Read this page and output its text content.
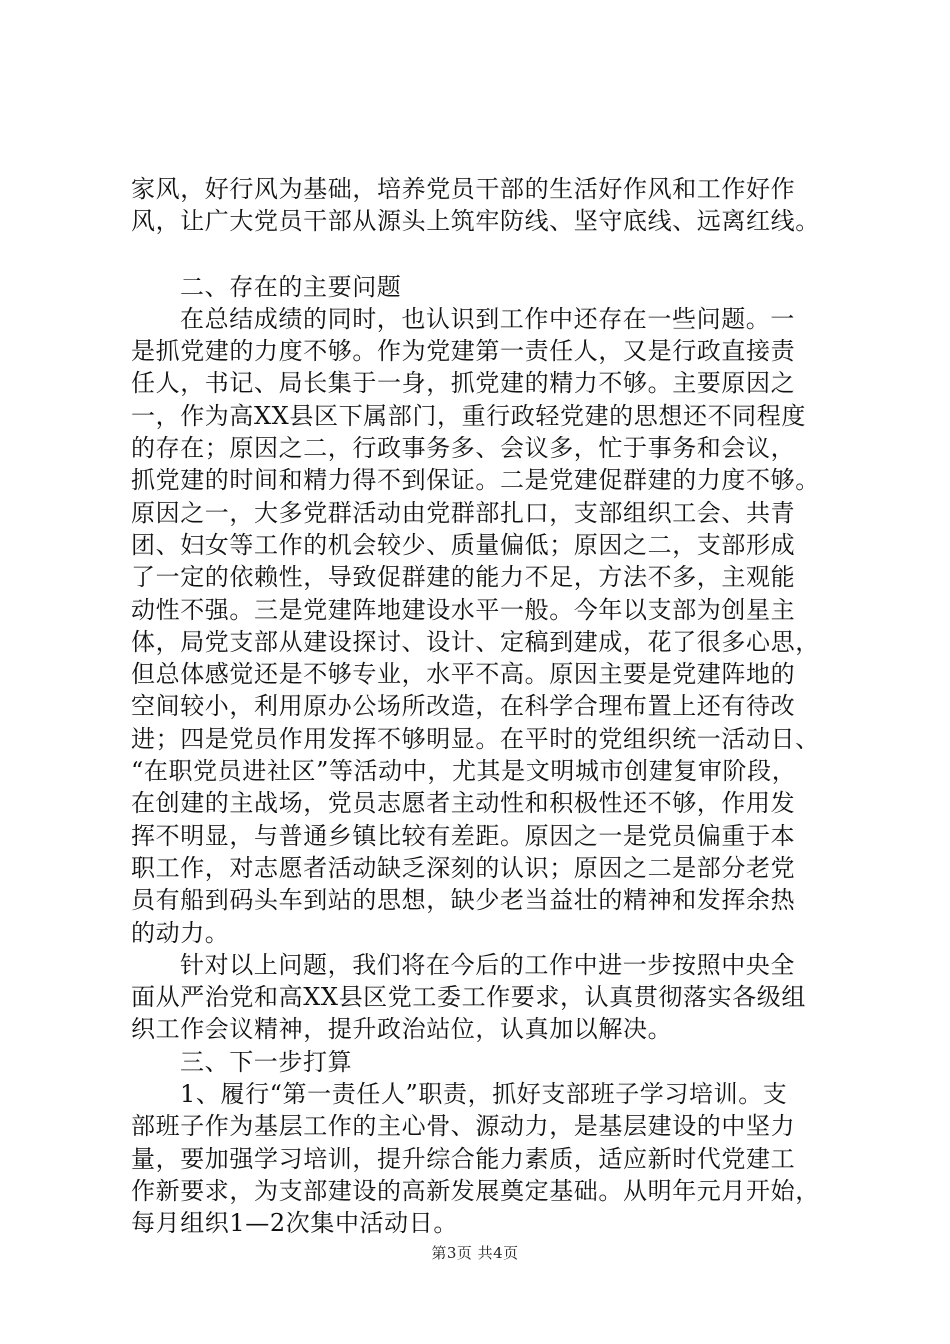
家风，好行风为基础，培养党员干部的生活好作风和工作好作
风，让广大党员干部从源头上筑牢防线、坚守底线、远离红线。
二、存在的主要问题
在总结成绩的同时，也认识到工作中还存在一些问题。一
是抓党建的力度不够。作为党建第一责任人，又是行政直接责
任人，书记、局长集于一身，抓党建的精力不够。主要原因之
一，作为高XX县区下属部门，重行政轻党建的思想还不同程度
的存在；原因之二，行政事务多、会议多，忙于事务和会议，
抓党建的时间和精力得不到保证。二是党建促群建的力度不够。
原因之一，大多党群活动由党群部扎口，支部组织工会、共青
团、妇女等工作的机会较少、质量偏低；原因之二，支部形成
了一定的依赖性，导致促群建的能力不足，方法不多，主观能
动性不强。三是党建阵地建设水平一般。今年以支部为创星主
体，局党支部从建设探讨、设计、定稿到建成，花了很多心思，
但总体感觉还是不够专业，水平不高。原因主要是党建阵地的
空间较小，利用原办公场所改造，在科学合理布置上还有待改
进；四是党员作用发挥不够明显。在平时的党组织统一活动日、
“在职党员进社区”等活动中，尤其是文明城市创建复审阶段，
在创建的主战场，党员志愿者主动性和积极性还不够，作用发
挥不明显，与普通乡镇比较有差距。原因之一是党员偏重于本
职工作，对志愿者活动缺乏深刻的认识；原因之二是部分老党
员有船到码头车到站的思想，缺少老当益壮的精神和发挥余热
的动力。
针对以上问题，我们将在今后的工作中进一步按照中央全
面从严治党和高XX县区党工委工作要求，认真贯彻落实各级组
织工作会议精神，提升政治站位，认真加以解决。
三、下一步打算
1、履行“第一责任人”职责，抓好支部班子学习培训。支
部班子作为基层工作的主心骨、源动力，是基层建设的中坚力
量，要加强学习培训，提升综合能力素质，适应新时代党建工
作新要求，为支部建设的高新发展奠定基础。从明年元月开始，
每月组织1—2次集中活动日。
第3页 共4页
